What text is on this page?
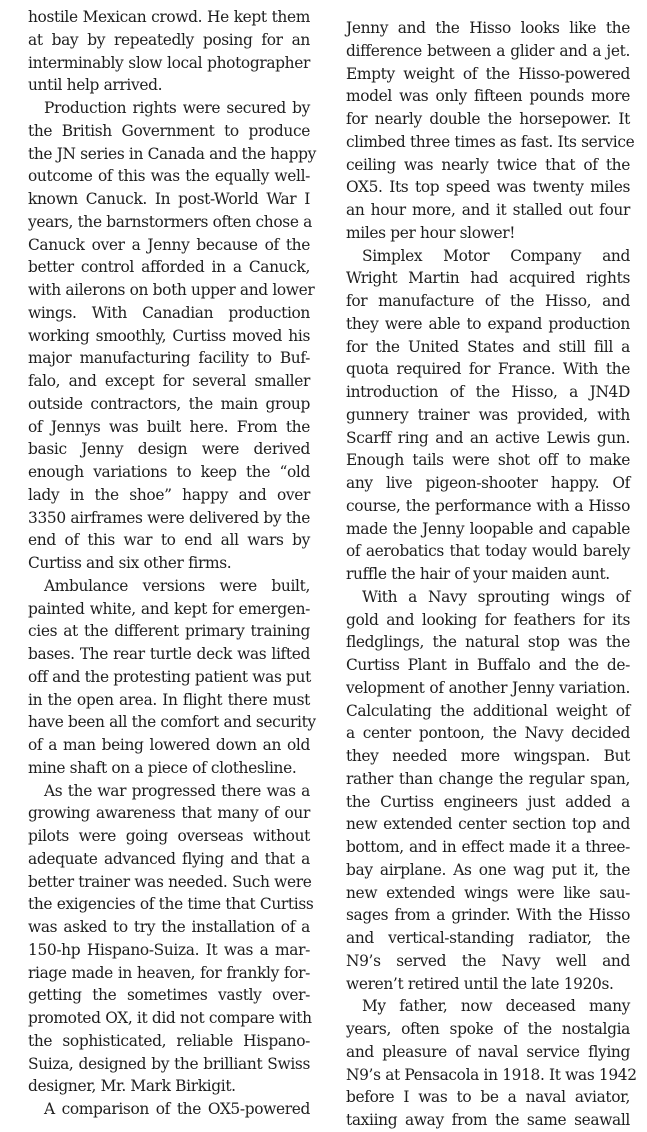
hostile Mexican crowd. He kept them
at bay by repeatedly posing for an
interminably slow local photographer
until help arrived.
Production rights were secured by
the British Government to produce
the JN series in Canada and the happy
outcome of this was the equally well-
known Canuck. In post-World War I
years, the barnstormers often chose a
Canuck over a Jenny because of the
better control afforded in a Canuck,
with ailerons on both upper and lower
wings. With Canadian production
working smoothly, Curtiss moved his
major manufacturing facility to Buf-
falo, and except for several smaller
outside contractors, the main group
of Jennys was built here. From the
basic Jenny design were derived
enough variations to keep the “old
lady in the shoe” happy and over
3350 airframes were delivered by the
end of this war to end all wars by
Curtiss and six other firms.
Ambulance versions were built,
painted white, and kept for emergen-
cies at the different primary training
bases. The rear turtle deck was lifted
off and the protesting patient was put
in the open area. In flight there must
have been all the comfort and security
of a man being lowered down an old
mine shaft on a piece of clothesline.
As the war progressed there was a
growing awareness that many of our
pilots were going overseas without
adequate advanced flying and that a
better trainer was needed. Such were
the exigencies of the time that Curtiss
was asked to try the installation of a
150-hp Hispano-Suiza. It was a mar-
riage made in heaven, for frankly for-
getting the sometimes vastly over-
promoted OX, it did not compare with
the sophisticated, reliable Hispano-
Suiza, designed by the brilliant Swiss
designer, Mr. Mark Birkigit.
A comparison of the OX5-powered
Jenny and the Hisso looks like the
difference between a glider and a jet.
Empty weight of the Hisso-powered
model was only fifteen pounds more
for nearly double the horsepower. It
climbed three times as fast. Its service
ceiling was nearly twice that of the
OX5. Its top speed was twenty miles
an hour more, and it stalled out four
miles per hour slower!
Simplex Motor Company and
Wright Martin had acquired rights
for manufacture of the Hisso, and
they were able to expand production
for the United States and still fill a
quota required for France. With the
introduction of the Hisso, a JN4D
gunnery trainer was provided, with
Scarff ring and an active Lewis gun.
Enough tails were shot off to make
any live pigeon-shooter happy. Of
course, the performance with a Hisso
made the Jenny loopable and capable
of aerobatics that today would barely
ruffle the hair of your maiden aunt.
With a Navy sprouting wings of
gold and looking for feathers for its
fledglings, the natural stop was the
Curtiss Plant in Buffalo and the de-
velopment of another Jenny variation.
Calculating the additional weight of
a center pontoon, the Navy decided
they needed more wingspan. But
rather than change the regular span,
the Curtiss engineers just added a
new extended center section top and
bottom, and in effect made it a three-
bay airplane. As one wag put it, the
new extended wings were like sau-
sages from a grinder. With the Hisso
and vertical-standing radiator, the
N9’s served the Navy well and
weren’t retired until the late 1920s.
My father, now deceased many
years, often spoke of the nostalgia
and pleasure of naval service flying
N9’s at Pensacola in 1918. It was 1942
before I was to be a naval aviator,
taxiing away from the same seawall
